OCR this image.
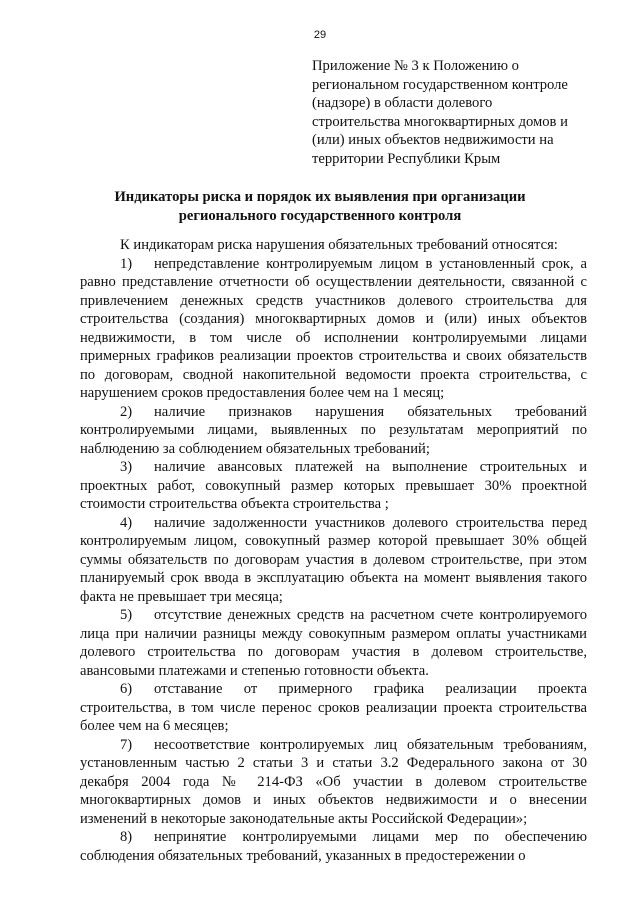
29
Приложение № 3 к Положению о
региональном государственном контроле
(надзоре) в области долевого
строительства многоквартирных домов и
(или) иных объектов недвижимости на
территории Республики Крым
Индикаторы риска и порядок их выявления при организации
регионального государственного контроля

К индикаторам риска нарушения обязательных требований относятся:

1) непредставление контролируемым лицом в установленный срок, а равно представление отчетности об осуществлении деятельности, связанной с привлечением денежных средств участников долевого строительства для строительства (создания) многоквартирных домов и (или) иных объектов недвижимости, в том числе об исполнении контролируемыми лицами примерных графиков реализации проектов строительства и своих обязательств по договорам, сводной накопительной ведомости проекта строительства, с нарушением сроков предоставления более чем на 1 месяц;

2) наличие признаков нарушения обязательных требований контролируемыми лицами, выявленных по результатам мероприятий по наблюдению за соблюдением обязательных требований;

3) наличие авансовых платежей на выполнение строительных и проектных работ, совокупный размер которых превышает 30% проектной стоимости строительства объекта строительства ;

4) наличие задолженности участников долевого строительства перед контролируемым лицом, совокупный размер которой превышает 30% общей суммы обязательств по договорам участия в долевом строительстве, при этом планируемый срок ввода в эксплуатацию объекта на момент выявления такого факта не превышает три месяца;

5) отсутствие денежных средств на расчетном счете контролируемого лица при наличии разницы между совокупным размером оплаты участниками долевого строительства по договорам участия в долевом строительстве, авансовыми платежами и степенью готовности объекта.

6) отставание от примерного графика реализации проекта строительства, в том числе перенос сроков реализации проекта строительства более чем на 6 месяцев;

7) несоответствие контролируемых лиц обязательным требованиям, установленным частью 2 статьи 3 и статьи 3.2 Федерального закона от 30 декабря 2004 года № 214-ФЗ «Об участии в долевом строительстве многоквартирных домов и иных объектов недвижимости и о внесении изменений в некоторые законодательные акты Российской Федерации»;

8) непринятие контролируемыми лицами мер по обеспечению соблюдения обязательных требований, указанных в предостережении о
